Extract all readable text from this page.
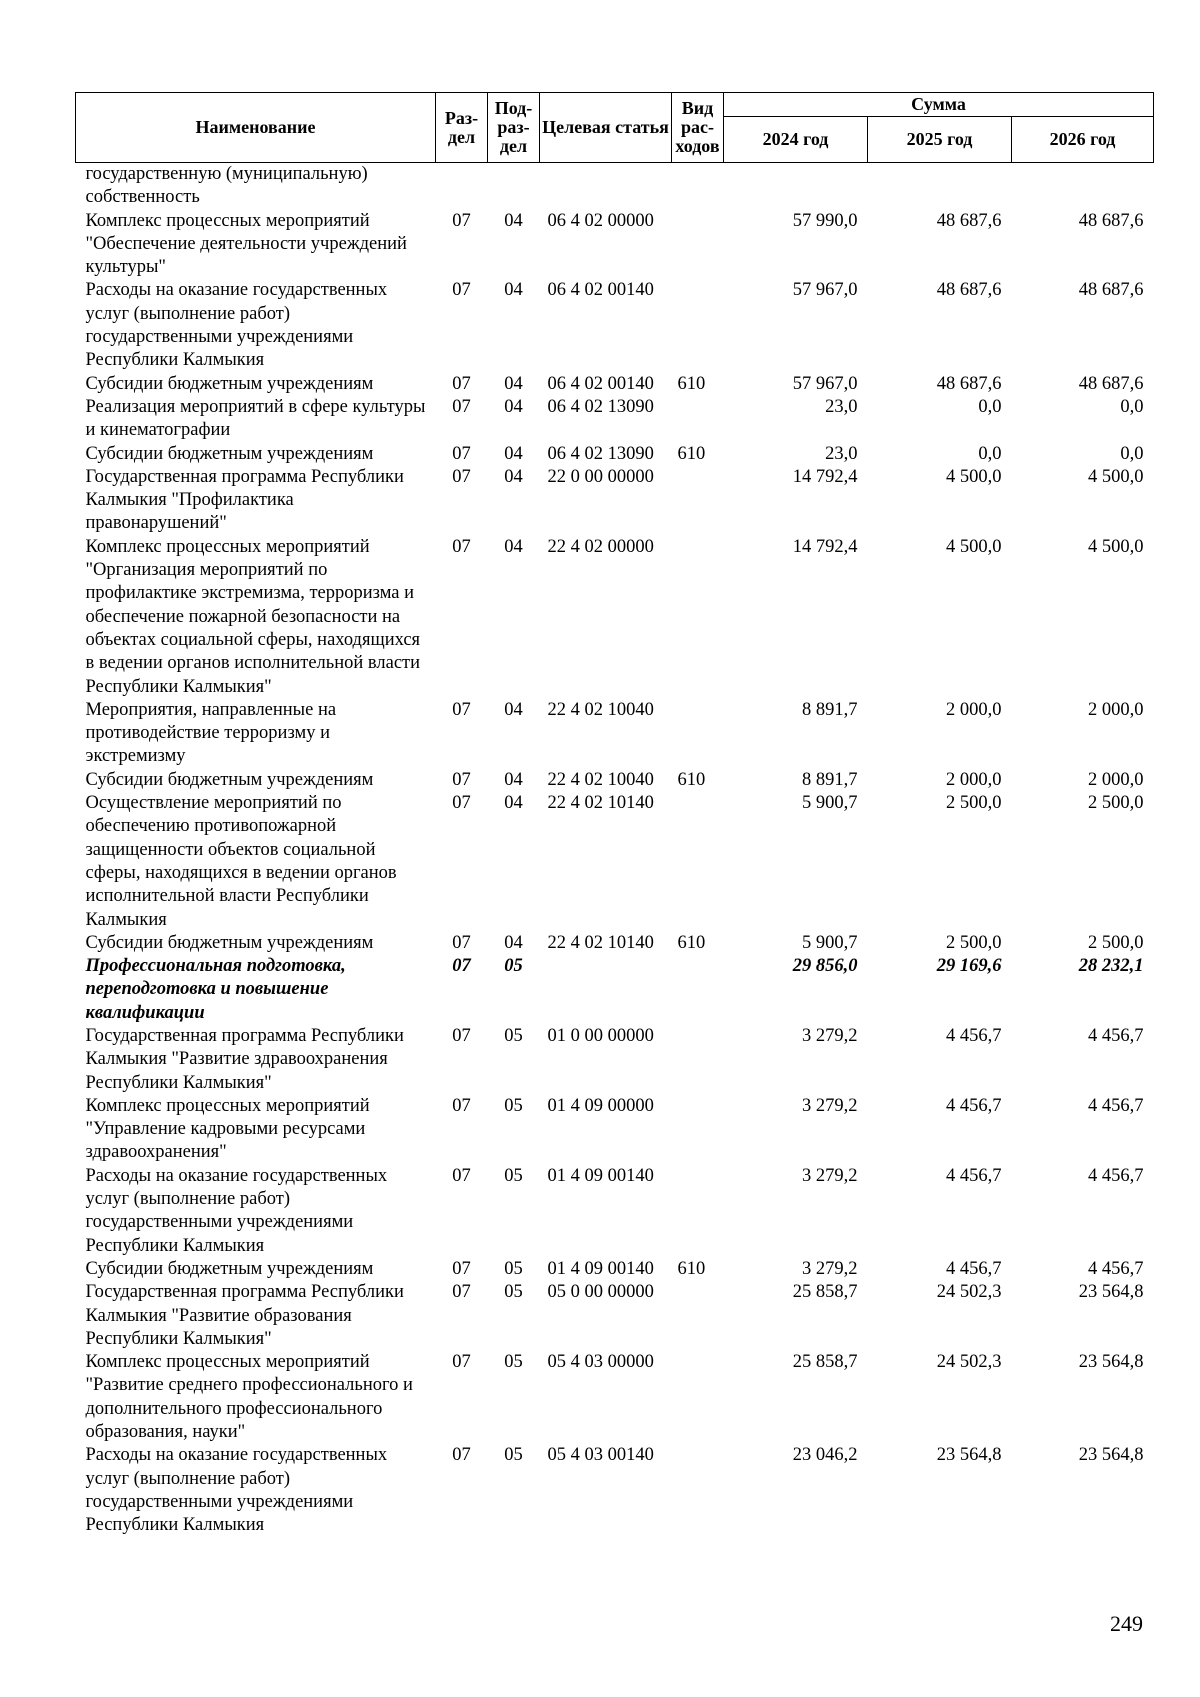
Наименование	Раз- дел	Под- раз- дел	Целевая статья	Вид рас- ходов	Сумма		
					2024 год	2025 год	2026 год
государственную (муниципальную) собственность							
Комплекс процессных мероприятий "Обеспечение деятельности учреждений культуры"	07	04	06 4 02 00000		57 990,0	48 687,6	48 687,6
Расходы на оказание государственных услуг (выполнение работ) государственными учреждениями Республики Калмыкия	07	04	06 4 02 00140		57 967,0	48 687,6	48 687,6
Субсидии бюджетным учреждениям	07	04	06 4 02 00140	610	57 967,0	48 687,6	48 687,6
Реализация мероприятий в сфере культуры и кинематографии	07	04	06 4 02 13090		23,0	0,0	0,0
Субсидии бюджетным учреждениям	07	04	06 4 02 13090	610	23,0	0,0	0,0
Государственная программа Республики Калмыкия "Профилактика правонарушений"	07	04	22 0 00 00000		14 792,4	4 500,0	4 500,0
Комплекс процессных мероприятий "Организация мероприятий по профилактике экстремизма, терроризма и обеспечение пожарной безопасности на объектах социальной сферы, находящихся в ведении органов исполнительной власти Республики Калмыкия"	07	04	22 4 02 00000		14 792,4	4 500,0	4 500,0
Мероприятия, направленные на противодействие терроризму и экстремизму	07	04	22 4 02 10040		8 891,7	2 000,0	2 000,0
Субсидии бюджетным учреждениям	07	04	22 4 02 10040	610	8 891,7	2 000,0	2 000,0
Осуществление мероприятий по обеспечению противопожарной защищенности объектов социальной сферы, находящихся в ведении органов исполнительной власти Республики Калмыкия	07	04	22 4 02 10140		5 900,7	2 500,0	2 500,0
Субсидии бюджетным учреждениям	07	04	22 4 02 10140	610	5 900,7	2 500,0	2 500,0
Профессиональная подготовка, переподготовка и повышение квалификации	07	05			29 856,0	29 169,6	28 232,1
Государственная программа Республики Калмыкия "Развитие здравоохранения Республики Калмыкия"	07	05	01 0 00 00000		3 279,2	4 456,7	4 456,7
Комплекс процессных мероприятий "Управление кадровыми ресурсами здравоохранения"	07	05	01 4 09 00000		3 279,2	4 456,7	4 456,7
Расходы на оказание государственных услуг (выполнение работ) государственными учреждениями Республики Калмыкия	07	05	01 4 09 00140		3 279,2	4 456,7	4 456,7
Субсидии бюджетным учреждениям	07	05	01 4 09 00140	610	3 279,2	4 456,7	4 456,7
Государственная программа Республики Калмыкия "Развитие образования Республики Калмыкия"	07	05	05 0 00 00000		25 858,7	24 502,3	23 564,8
Комплекс процессных мероприятий "Развитие среднего профессионального и дополнительного профессионального образования, науки"	07	05	05 4 03 00000		25 858,7	24 502,3	23 564,8
Расходы на оказание государственных услуг (выполнение работ) государственными учреждениями Республики Калмыкия	07	05	05 4 03 00140		23 046,2	23 564,8	23 564,8
249
